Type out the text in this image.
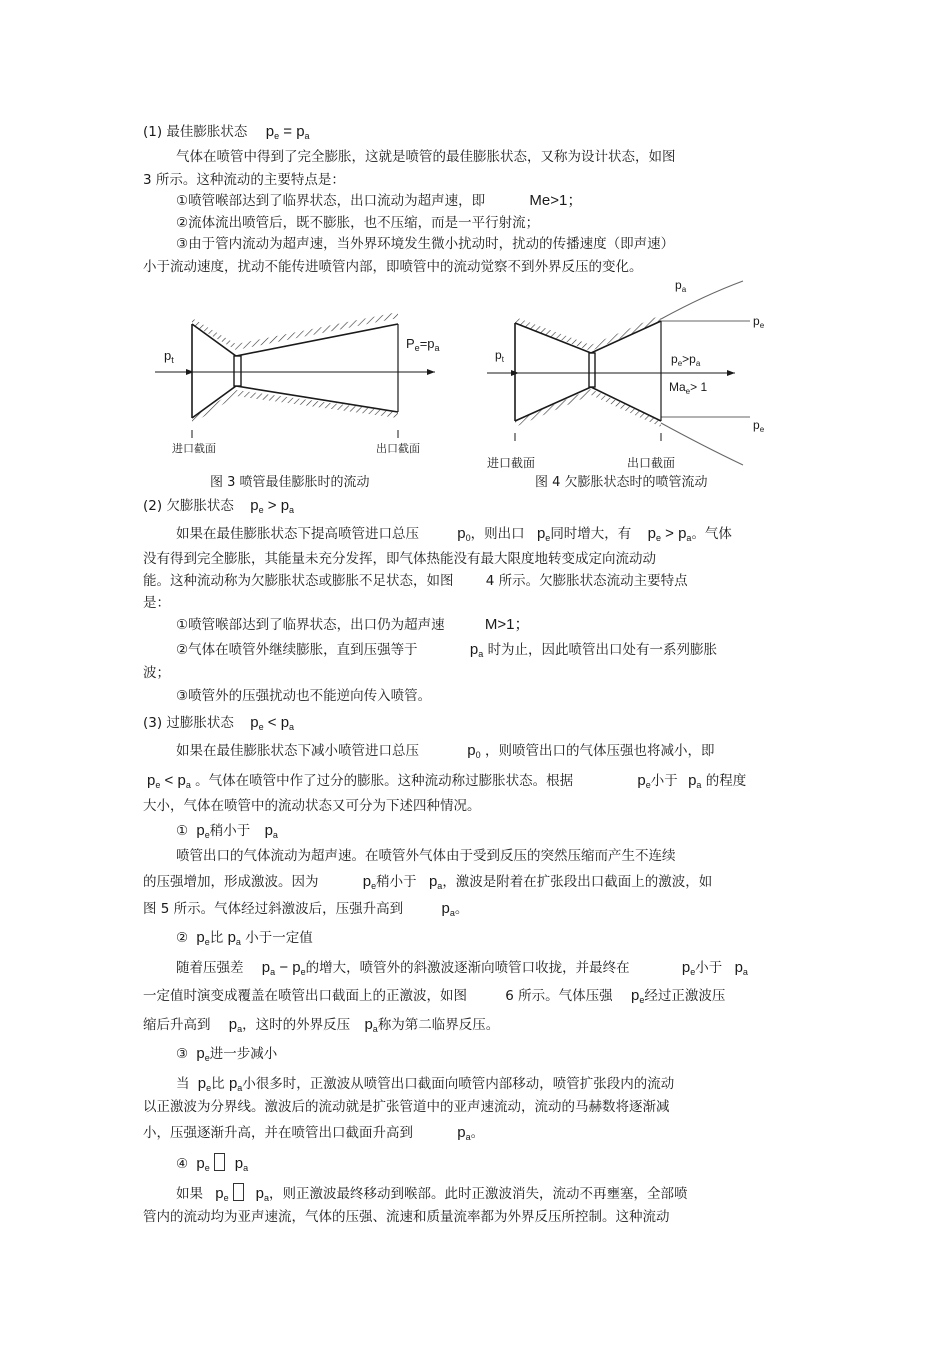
(1) 最佳膨胀状态 $p_e = p_a$
气体在喷管中得到了完全膨胀，这就是喷管的最佳膨胀状态，又称为设计状态，如图
3 所示。这种流动的主要特点是：
①喷管喉部达到了临界状态，出口流动为超声速，即	Me>1；
②流体流出喷管后，既不膨胀，也不压缩，而是一平行射流；
③由于管内流动为超声速，当外界环境发生微小扰动时，扰动的传播速度（即声速）
小于流动速度，扰动不能传进喷管内部，即喷管中的流动觉察不到外界反压的变化。
$p_t$
$P_e=p_a$
进口截面	出口截面
$p_a$
$p_e$
$p_e$
$p_t$	$p_e>p_a$
$Ma_e> 1$
进口截面	出口截面
图 3 喷管最佳膨胀时的流动	图 4 欠膨胀状态时的喷管流动
(2) 欠膨胀状态 $p_e > p_a$
如果在最佳膨胀状态下提高喷管进口总压	$p_0$，则出口 $p_e$同时增大，有 $p_e > p_a$。气体
没有得到完全膨胀，其能量未充分发挥，即气体热能没有最大限度地转变成定向流动动
能。这种流动称为欠膨胀状态或膨胀不足状态，如图 4 所示。欠膨胀状态流动主要特点
是：
①喷管喉部达到了临界状态，出口仍为超声速	M>1；
②气体在喷管外继续膨胀，直到压强等于	$p_a$ 时为止，因此喷管出口处有一系列膨胀
波；
③喷管外的压强扰动也不能逆向传入喷管。
(3) 过膨胀状态 $p_e < p_a$
如果在最佳膨胀状态下减小喷管进口总压	$p_0$ ，则喷管出口的气体压强也将减小，即
$p_e < p_a$ 。气体在喷管中作了过分的膨胀。这种流动称过膨胀状态。根据	$p_e$小于 $p_a$ 的程度
大小，气体在喷管中的流动状态又可分为下述四种情况。
① $p_e$稍小于 $p_a$
喷管出口的气体流动为超声速。在喷管外气体由于受到反压的突然压缩而产生不连续
的压强增加，形成激波。因为	$p_e$稍小于 $p_a$，激波是附着在扩张段出口截面上的激波，如
图 5 所示。气体经过斜激波后，压强升高到	$p_a$。
② $p_e$比 $p_a$ 小于一定值
随着压强差 $p_a - p_e$的增大，喷管外的斜激波逐渐向喷管口收拢，并最终在	$p_e$小于 $p_a$
一定值时演变成覆盖在喷管出口截面上的正激波，如图	6 所示。气体压强 $p_e$经过正激波压
缩后升高到 $p_a$，这时的外界反压 $p_a$称为第二临界反压。
③ $p_e$进一步减小
当 $p_e$比 $p_a$小很多时，正激波从喷管出口截面向喷管内部移动，喷管扩张段内的流动
以正激波为分界线。激波后的流动就是扩张管道中的亚声速流动，流动的马赫数将逐渐减
小，压强逐渐升高，并在喷管出口截面升高到	$p_a$。
④ $p_e$ $p_a$
如果 $p_e$ $p_a$，则正激波最终移动到喉部。此时正激波消失，流动不再壅塞，全部喷
管内的流动均为亚声速流，气体的压强、流速和质量流率都为外界反压所控制。这种流动
